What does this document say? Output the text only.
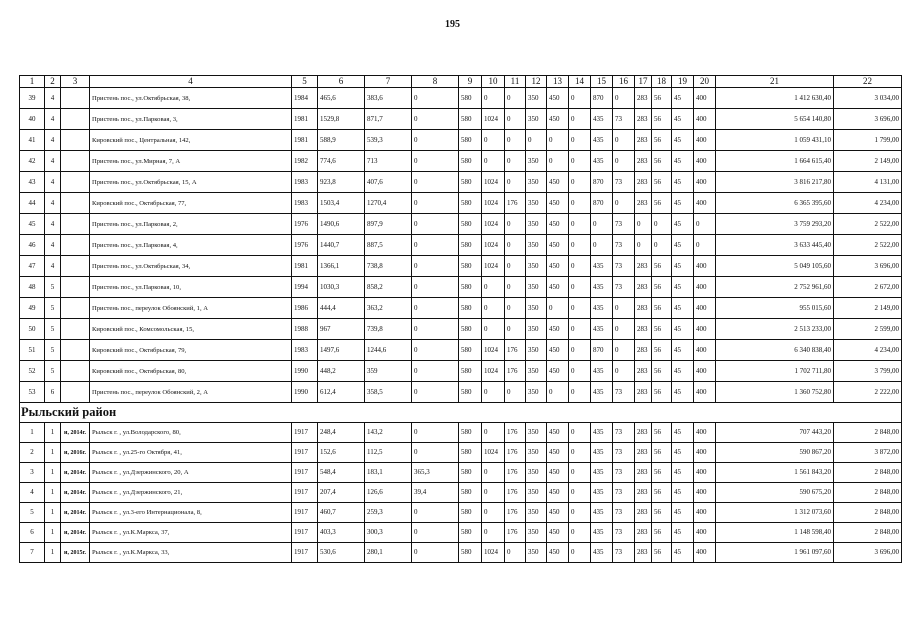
195
1	2	3	4	5	6	7	8	9	10	11	12	13	14	15	16	17	18	19	20	21	22
39	4		Пристень пос., ул.Октябрьская, 38,	1984	465,6	383,6	0	580	0	0	350	450	0	870	0	283	56	45	400	1 412 630,40	3 034,00
40	4		Пристень пос., ул.Парковая, 3,	1981	1529,8	871,7	0	580	1024	0	350	450	0	435	73	283	56	45	400	5 654 140,80	3 696,00
41	4		Кировский пос., Центральная, 142,	1981	588,9	539,3	0	580	0	0	0	0	0	435	0	283	56	45	400	1 059 431,10	1 799,00
42	4		Пристень пос., ул.Мирная, 7, А	1982	774,6	713	0	580	0	0	350	0	0	435	0	283	56	45	400	1 664 615,40	2 149,00
43	4		Пристень пос., ул.Октябрьская, 15, А	1983	923,8	407,6	0	580	1024	0	350	450	0	870	73	283	56	45	400	3 816 217,80	4 131,00
44	4		Кировский пос., Октябрьская, 77,	1983	1503,4	1270,4	0	580	1024	176	350	450	0	870	0	283	56	45	400	6 365 395,60	4 234,00
45	4		Пристень пос., ул.Парковая, 2,	1976	1490,6	897,9	0	580	1024	0	350	450	0	0	73	0	0	45	0	3 759 293,20	2 522,00
46	4		Пристень пос., ул.Парковая, 4,	1976	1440,7	887,5	0	580	1024	0	350	450	0	0	73	0	0	45	0	3 633 445,40	2 522,00
47	4		Пристень пос., ул.Октябрьская, 34,	1981	1366,1	738,8	0	580	1024	0	350	450	0	435	73	283	56	45	400	5 049 105,60	3 696,00
48	5		Пристень пос., ул.Парковая, 10,	1994	1030,3	858,2	0	580	0	0	350	450	0	435	73	283	56	45	400	2 752 961,60	2 672,00
49	5		Пристень пос., переулок Обоянский, 1, А	1986	444,4	363,2	0	580	0	0	350	0	0	435	0	283	56	45	400	955 015,60	2 149,00
50	5		Кировский пос., Комсомольская, 15,	1988	967	739,8	0	580	0	0	350	450	0	435	0	283	56	45	400	2 513 233,00	2 599,00
51	5		Кировский пос., Октябрьская, 79,	1983	1497,6	1244,6	0	580	1024	176	350	450	0	870	0	283	56	45	400	6 340 838,40	4 234,00
52	5		Кировский пос., Октябрьская, 80,	1990	448,2	359	0	580	1024	176	350	450	0	435	0	283	56	45	400	1 702 711,80	3 799,00
53	6		Пристень пос., переулок Обоянский, 2, А	1990	612,4	358,5	0	580	0	0	350	0	0	435	73	283	56	45	400	1 360 752,80	2 222,00
Рыльский район																					
1	1	и, 2014г.	Рыльск г. , ул.Володарского, 80,	1917	248,4	143,2	0	580	0	176	350	450	0	435	73	283	56	45	400	707 443,20	2 848,00
2	1	и, 2016г.	Рыльск г. , ул.25-го Октября, 41,	1917	152,6	112,5	0	580	1024	176	350	450	0	435	73	283	56	45	400	590 867,20	3 872,00
3	1	и, 2014г.	Рыльск г. , ул.Дзержинского, 20, А	1917	548,4	183,1	365,3	580	0	176	350	450	0	435	73	283	56	45	400	1 561 843,20	2 848,00
4	1	и, 2014г.	Рыльск г. , ул.Дзержинского, 21,	1917	207,4	126,6	39,4	580	0	176	350	450	0	435	73	283	56	45	400	590 675,20	2 848,00
5	1	и, 2014г.	Рыльск г. , ул.3-его Интернационала, 8,	1917	460,7	259,3	0	580	0	176	350	450	0	435	73	283	56	45	400	1 312 073,60	2 848,00
6	1	и, 2014г.	Рыльск г. , ул.К.Маркса, 37,	1917	403,3	300,3	0	580	0	176	350	450	0	435	73	283	56	45	400	1 148 598,40	2 848,00
7	1	и, 2015г.	Рыльск г. , ул.К.Маркса, 33,	1917	530,6	280,1	0	580	1024	0	350	450	0	435	73	283	56	45	400	1 961 097,60	3 696,00
